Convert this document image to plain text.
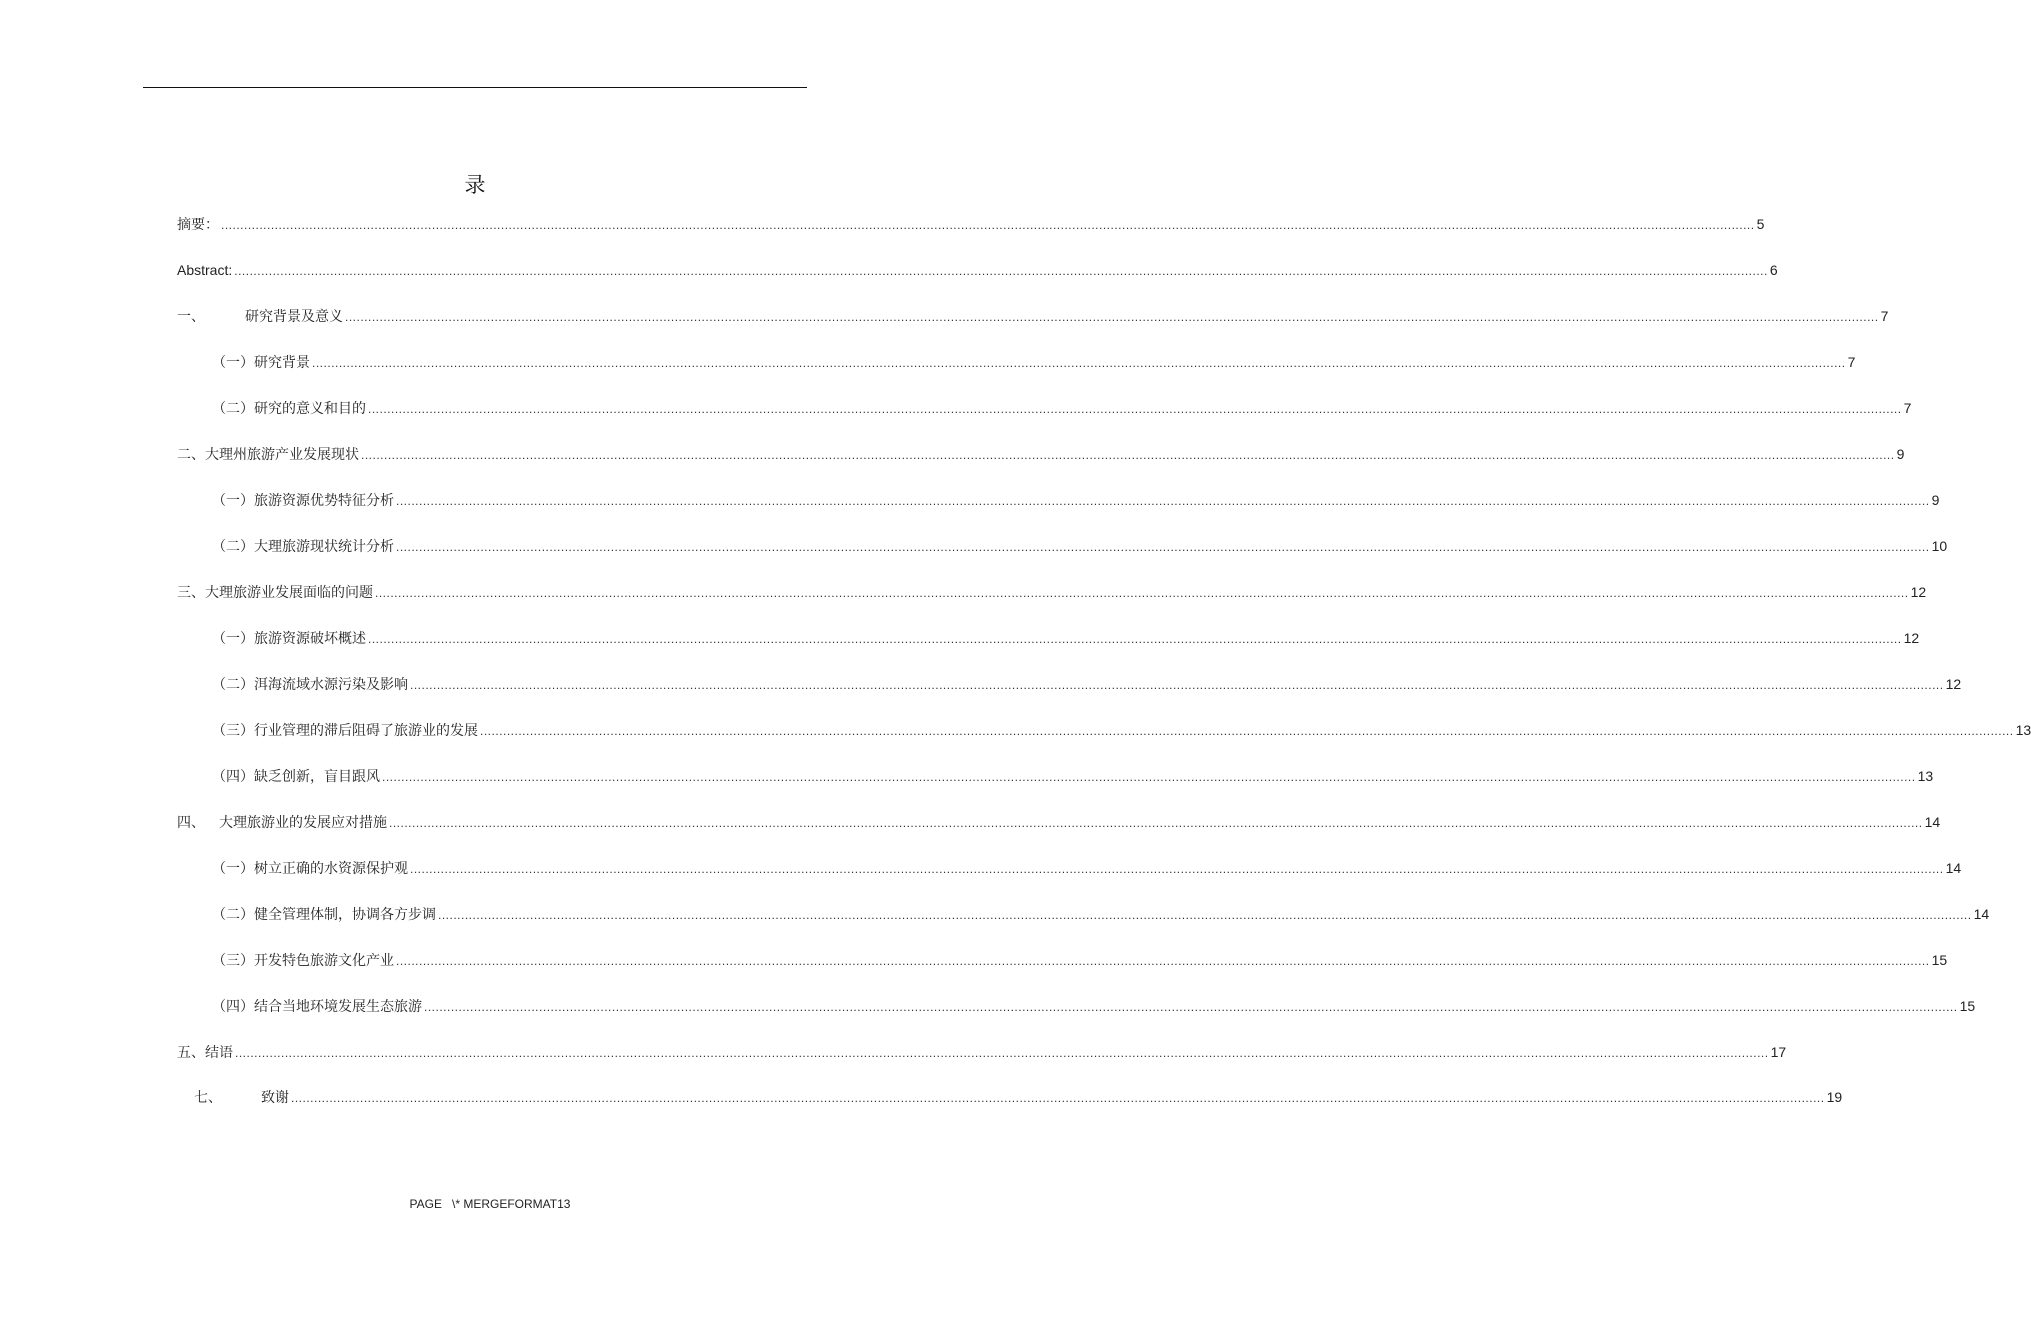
录
摘要： ................................................................................................................................................................................................................................................................................................................................................................................................................ 5
Abstract: ................................................................................................................................................................................................................................................................................................................................................................................................................ 6
一、	研究背景及意义 ................................................................................................................................................................................................................................................................................................................................................................................................................ 7
（一）研究背景 ................................................................................................................................................................................................................................................................................................................................................................................................................ 7
（二）研究的意义和目的 ................................................................................................................................................................................................................................................................................................................................................................................................................ 7
二、大理州旅游产业发展现状 ................................................................................................................................................................................................................................................................................................................................................................................................................ 9
（一）旅游资源优势特征分析 ................................................................................................................................................................................................................................................................................................................................................................................................................ 9
（二）大理旅游现状统计分析 ................................................................................................................................................................................................................................................................................................................................................................................................................ 10
三、大理旅游业发展面临的问题 ................................................................................................................................................................................................................................................................................................................................................................................................................ 12
（一）旅游资源破坏概述 ................................................................................................................................................................................................................................................................................................................................................................................................................ 12
（二）洱海流域水源污染及影响 ................................................................................................................................................................................................................................................................................................................................................................................................................ 12
（三）行业管理的滞后阻碍了旅游业的发展 ................................................................................................................................................................................................................................................................................................................................................................................................................ 13
（四）缺乏创新，盲目跟风 ................................................................................................................................................................................................................................................................................................................................................................................................................ 13
四、	大理旅游业的发展应对措施 ................................................................................................................................................................................................................................................................................................................................................................................................................ 14
（一）树立正确的水资源保护观 ................................................................................................................................................................................................................................................................................................................................................................................................................ 14
（二）健全管理体制，协调各方步调 ................................................................................................................................................................................................................................................................................................................................................................................................................ 14
（三）开发特色旅游文化产业 ................................................................................................................................................................................................................................................................................................................................................................................................................ 15
（四）结合当地环境发展生态旅游 ................................................................................................................................................................................................................................................................................................................................................................................................................ 15
五、结语 ................................................................................................................................................................................................................................................................................................................................................................................................................ 17
七、	致谢 ................................................................................................................................................................................................................................................................................................................................................................................................................ 19
PAGE   \* MERGEFORMAT13
